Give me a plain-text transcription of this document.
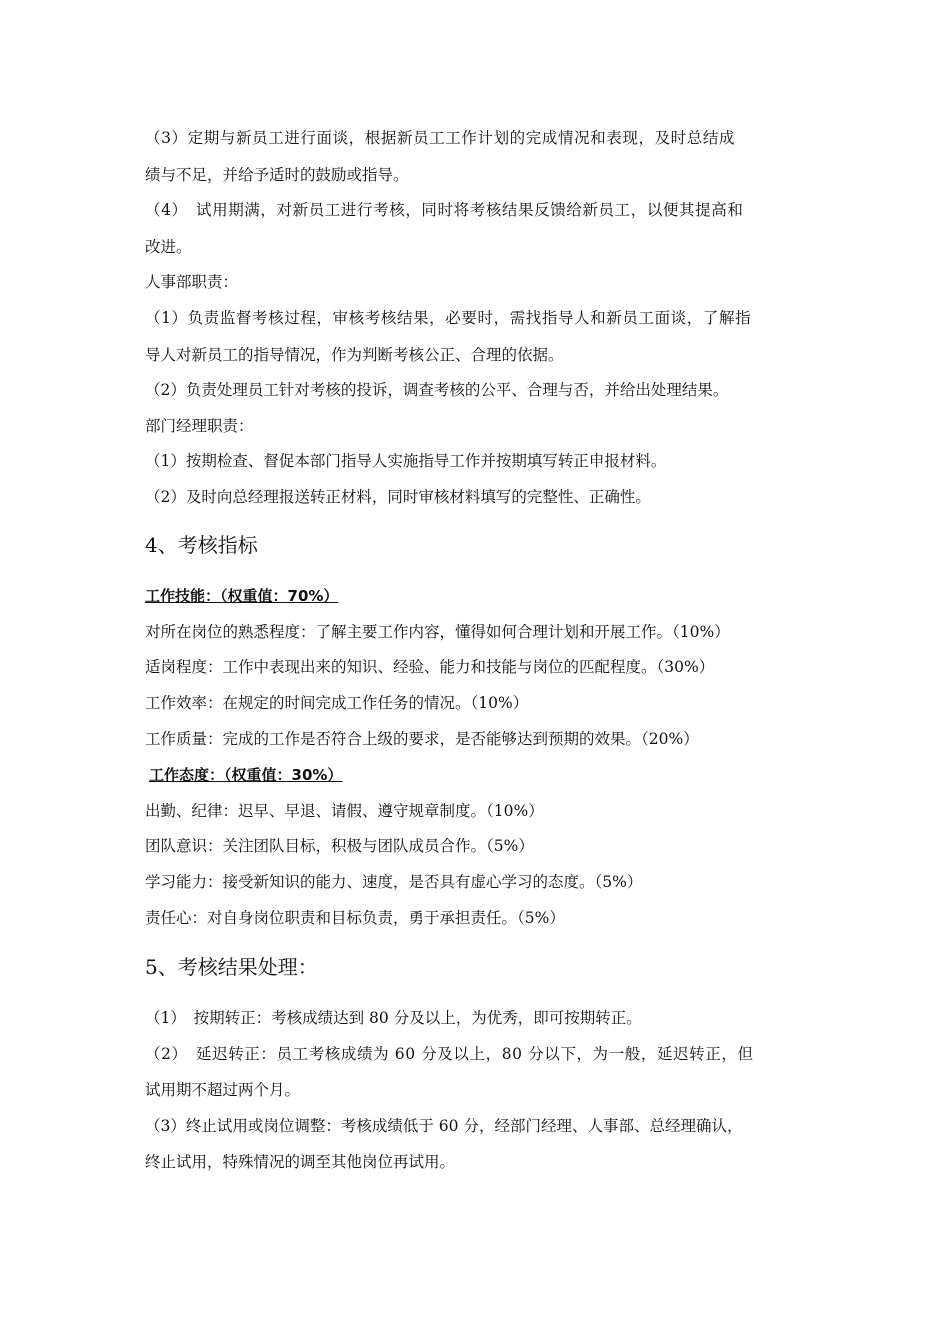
（3）定期与新员工进行面谈，根据新员工工作计划的完成情况和表现，及时总结成
绩与不足，并给予适时的鼓励或指导。
（4）　试用期满，对新员工进行考核，同时将考核结果反馈给新员工，以便其提高和
改进。
人事部职责：
（1）负责监督考核过程，审核考核结果，必要时，需找指导人和新员工面谈，了解指
导人对新员工的指导情况，作为判断考核公正、合理的依据。
（2）负责处理员工针对考核的投诉，调查考核的公平、合理与否，并给出处理结果。
部门经理职责：
（1）按期检查、督促本部门指导人实施指导工作并按期填写转正申报材料。
（2）及时向总经理报送转正材料，同时审核材料填写的完整性、正确性。
4、考核指标
工作技能：（权重值：70%）
对所在岗位的熟悉程度：了解主要工作内容，懂得如何合理计划和开展工作。（10%）
适岗程度：工作中表现出来的知识、经验、能力和技能与岗位的匹配程度。（30%）
工作效率：在规定的时间完成工作任务的情况。（10%）
工作质量：完成的工作是否符合上级的要求，是否能够达到预期的效果。（20%）
工作态度：（权重值：30%）
出勤、纪律：迟早、早退、请假、遵守规章制度。（10%）
团队意识：关注团队目标，积极与团队成员合作。（5%）
学习能力：接受新知识的能力、速度，是否具有虚心学习的态度。（5%）
责任心：对自身岗位职责和目标负责，勇于承担责任。（5%）
5、考核结果处理：
（1）　按期转正：考核成绩达到 80 分及以上，为优秀，即可按期转正。
（2）　延迟转正：员工考核成绩为 60 分及以上，80 分以下，为一般，延迟转正，但
试用期不超过两个月。
（3）终止试用或岗位调整：考核成绩低于 60 分，经部门经理、人事部、总经理确认，
终止试用，特殊情况的调至其他岗位再试用。
